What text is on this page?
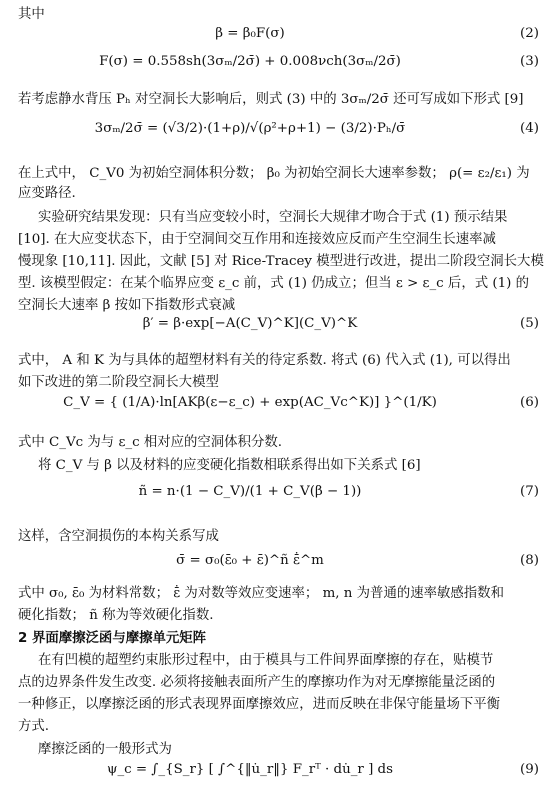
其中
若考虑静水背压 Pₕ 对空洞长大影响后，则式 (3) 中的 3σₘ/2σ̄ 还可写成如下形式 [9]
在上式中， C_V0 为初始空洞体积分数； β₀ 为初始空洞长大速率参数； ρ(= ε₂/ε₁) 为
应变路径.
实验研究结果发现：只有当应变较小时，空洞长大规律才吻合于式 (1) 预示结果
[10]. 在大应变状态下，由于空洞间交互作用和连接效应反而产生空洞生长速率减
慢现象 [10,11]. 因此，文献 [5] 对 Rice-Tracey 模型进行改进，提出二阶段空洞长大模
型. 该模型假定：在某个临界应变 ε_c 前，式 (1) 仍成立；但当 ε > ε_c 后，式 (1) 的
空洞长大速率 β 按如下指数形式衰减
式中， A 和 K 为与具体的超塑材料有关的待定系数. 将式 (6) 代入式 (1), 可以得出
如下改进的第二阶段空洞长大模型
式中 C_Vc 为与 ε_c 相对应的空洞体积分数.
将 C_V 与 β 以及材料的应变硬化指数相联系得出如下关系式 [6]
这样，含空洞损伤的本构关系写成
式中 σ₀, ε̄₀ 为材料常数； ε̄̇ 为对数等效应变速率； m, n 为普通的速率敏感指数和
硬化指数； ñ 称为等效硬化指数.
在有凹模的超塑约束胀形过程中，由于模具与工件间界面摩擦的存在，贴模节
点的边界条件发生改变. 必须将接触表面所产生的摩擦功作为对无摩擦能量泛函的
一种修正，以摩擦泛函的形式表现界面摩擦效应，进而反映在非保守能量场下平衡
方式.
摩擦泛函的一般形式为
2 界面摩擦泛函与摩擦单元矩阵
β = β₀F(σ)	(2)
F(σ) = 0.558sh(3σₘ/2σ̄) + 0.008νch(3σₘ/2σ̄)	(3)
3σₘ/2σ̄ = (√3/2)·(1+ρ)/√(ρ²+ρ+1) − (3/2)·Pₕ/σ̄	(4)
β′ = β·exp[−A(C_V)^K](C_V)^K	(5)
C_V = { (1/A)·ln[AKβ(ε−ε_c) + exp(AC_Vc^K)] }^(1/K)	(6)
ñ = n·(1 − C_V)/(1 + C_V(β − 1))	(7)
σ̄ = σ₀(ε̄₀ + ε̄)^ñ ε̄̇^m	(8)
ψ_c = ∫_{S_r} [ ∫^{‖u̇_r‖} F_rᵀ · du̇_r ] ds	(9)
